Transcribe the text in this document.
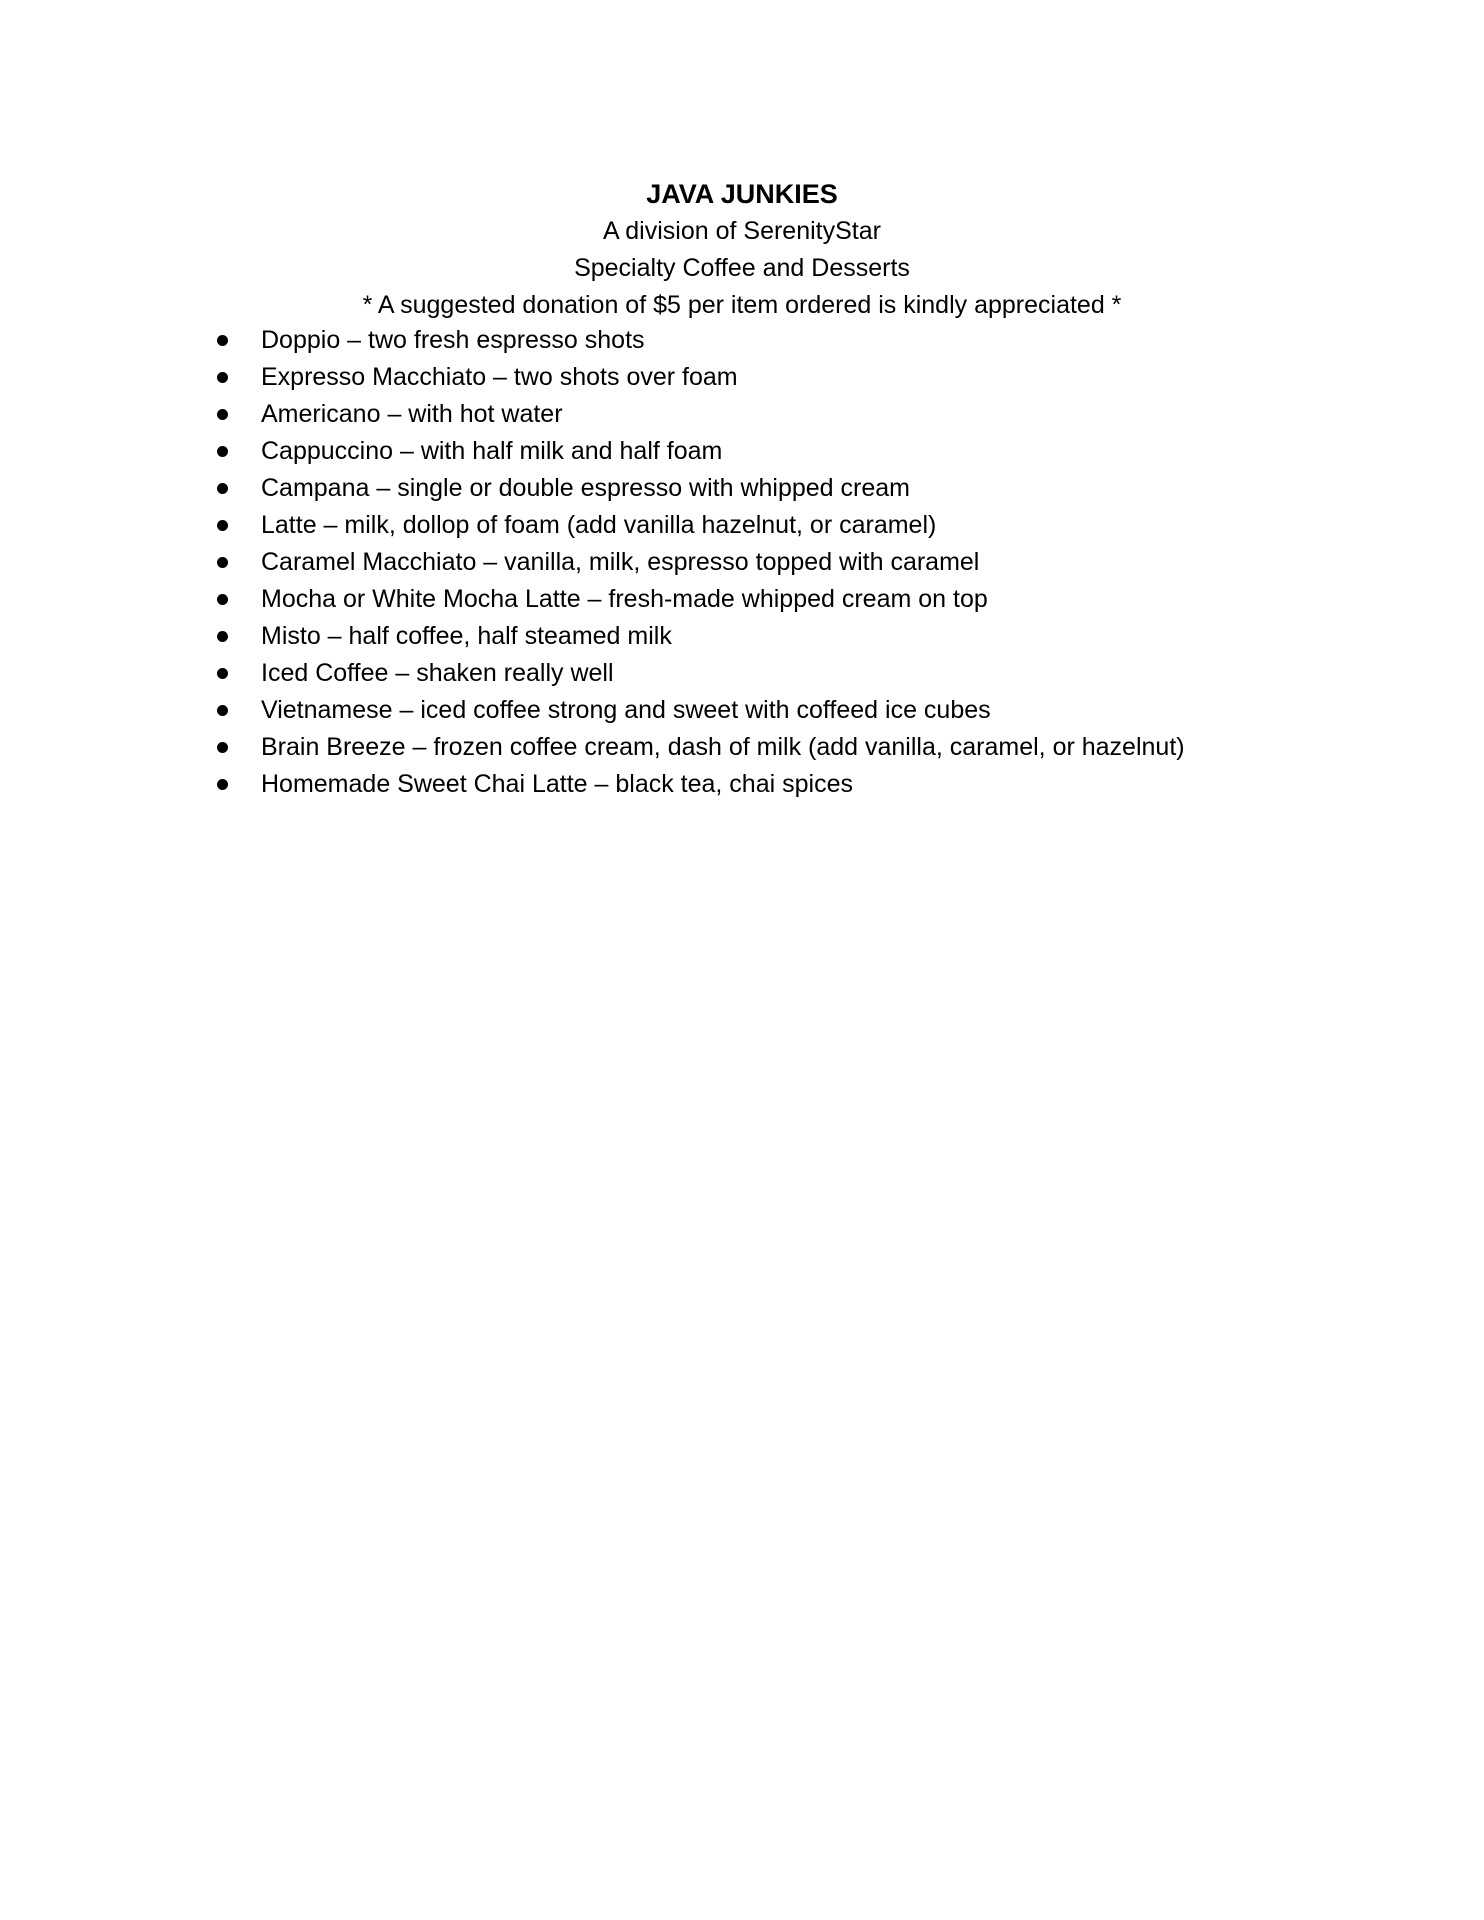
JAVA JUNKIES

A division of SerenityStar

Specialty Coffee and Desserts

* A suggested donation of $5 per item ordered is kindly appreciated *

Doppio – two fresh espresso shots
Expresso Macchiato – two shots over foam
Americano – with hot water
Cappuccino – with half milk and half foam
Campana – single or double espresso with whipped cream
Latte – milk, dollop of foam (add vanilla hazelnut, or caramel)
Caramel Macchiato – vanilla, milk, espresso topped with caramel
Mocha or White Mocha Latte – fresh-made whipped cream on top
Misto – half coffee, half steamed milk
Iced Coffee – shaken really well
Vietnamese – iced coffee strong and sweet with coffeed ice cubes
Brain Breeze – frozen coffee cream, dash of milk (add vanilla, caramel, or hazelnut)
Homemade Sweet Chai Latte – black tea, chai spices
